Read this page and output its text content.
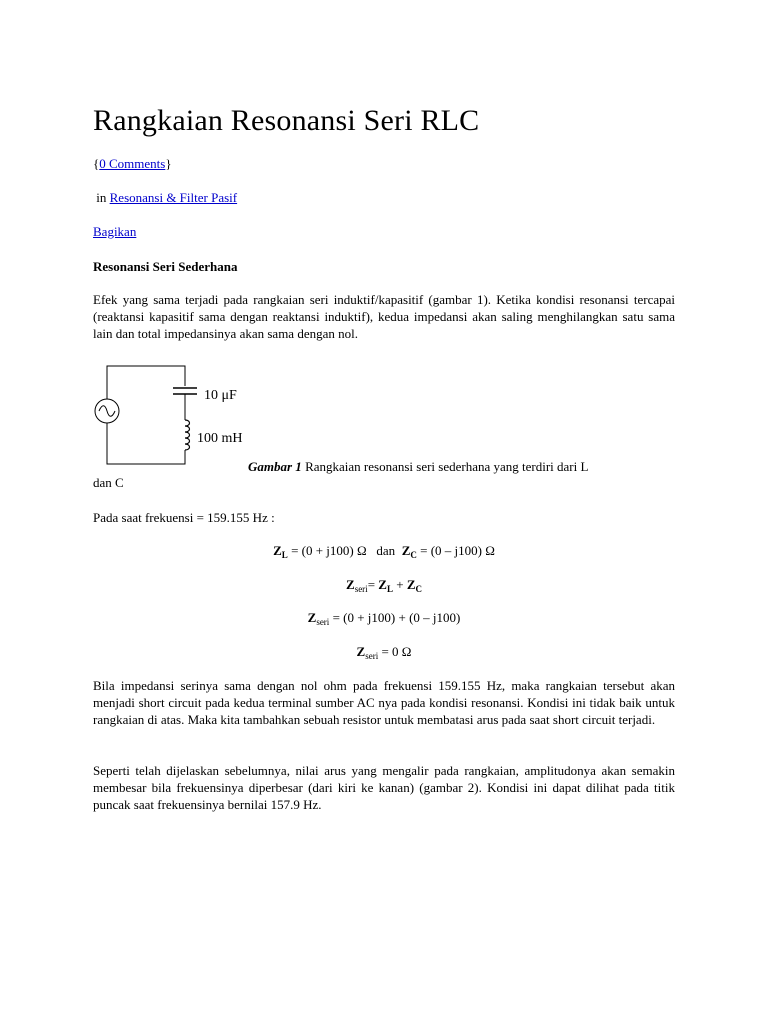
Rangkaian Resonansi Seri RLC
{0 Comments}
in Resonansi & Filter Pasif
Bagikan
Resonansi Seri Sederhana
Efek yang sama terjadi pada rangkaian seri induktif/kapasitif (gambar 1). Ketika kondisi resonansi tercapai (reaktansi kapasitif sama dengan reaktansi induktif), kedua impedansi akan saling menghilangkan satu sama lain dan total impedansinya akan sama dengan nol.
10 μF
100 mH
Gambar 1 Rangkaian resonansi seri sederhana yang terdiri dari L
dan C
Pada saat frekuensi = 159.155 Hz :
$Z_L = (0 + j100)$ Ω   dan  $Z_C = (0 - j100)$ Ω
$Z_{seri}= Z_L + Z_C$
$Z_{seri} = (0 + j100) + (0 - j100)$
$Z_{seri} = 0$ Ω
Bila impedansi serinya sama dengan nol ohm pada frekuensi 159.155 Hz, maka rangkaian tersebut akan menjadi short circuit pada kedua terminal sumber AC nya pada kondisi resonansi. Kondisi ini tidak baik untuk rangkaian di atas. Maka kita tambahkan sebuah resistor untuk membatasi arus pada saat short circuit terjadi.
Seperti telah dijelaskan sebelumnya, nilai arus yang mengalir pada rangkaian, amplitudonya akan semakin membesar bila frekuensinya diperbesar (dari kiri ke kanan) (gambar 2). Kondisi ini dapat dilihat pada titik puncak saat frekuensinya bernilai 157.9 Hz.
